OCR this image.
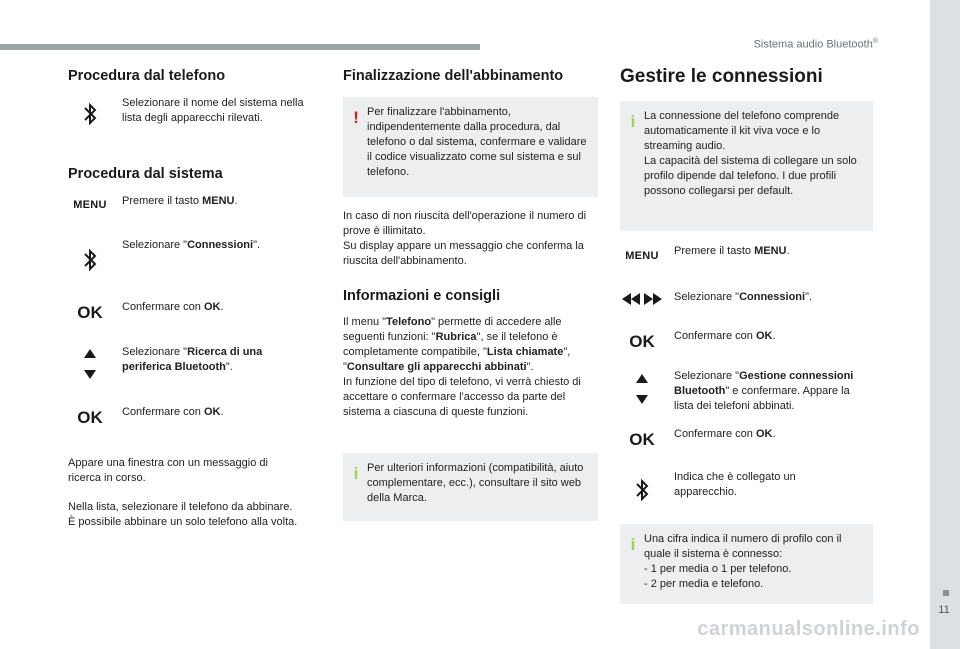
Sistema audio Bluetooth®
11
carmanualsonline.info
Procedura dal telefono
Selezionare il nome del sistema nella lista degli apparecchi rilevati.
Procedura dal sistema
MENU	Premere il tasto MENU.
Selezionare "Connessioni".
OK	Confermare con OK.
Selezionare "Ricerca di una periferica Bluetooth".
OK	Confermare con OK.
Appare una finestra con un messaggio di ricerca in corso.
Nella lista, selezionare il telefono da abbinare.
È possibile abbinare un solo telefono alla volta.
Finalizzazione dell'abbinamento
! Per finalizzare l'abbinamento, indipendentemente dalla procedura, dal telefono o dal sistema, confermare e validare il codice visualizzato come sul sistema e sul telefono.
In caso di non riuscita dell'operazione il numero di prove è illimitato.
Su display appare un messaggio che conferma la riuscita dell'abbinamento.
Informazioni e consigli
Il menu "Telefono" permette di accedere alle seguenti funzioni: "Rubrica", se il telefono è completamente compatibile, "Lista chiamate", "Consultare gli apparecchi abbinati".
In funzione del tipo di telefono, vi verrà chiesto di accettare o confermare l'accesso da parte del sistema a ciascuna di queste funzioni.
i Per ulteriori informazioni (compatibilità, aiuto complementare, ecc.), consultare il sito web della Marca.
Gestire le connessioni

i La connessione del telefono comprende automaticamente il kit viva voce e lo streaming audio.
La capacità del sistema di collegare un solo profilo dipende dal telefono. I due profili possono collegarsi per default.

MENU	Premere il tasto MENU.
Selezionare "Connessioni".
OK	Confermare con OK.
Selezionare "Gestione connessioni Bluetooth" e confermare. Appare la lista dei telefoni abbinati.
OK	Confermare con OK.
Indica che è collegato un apparecchio.
i Una cifra indica il numero di profilo con il quale il sistema è connesso:
- 1 per media o 1 per telefono.
- 2 per media e telefono.
